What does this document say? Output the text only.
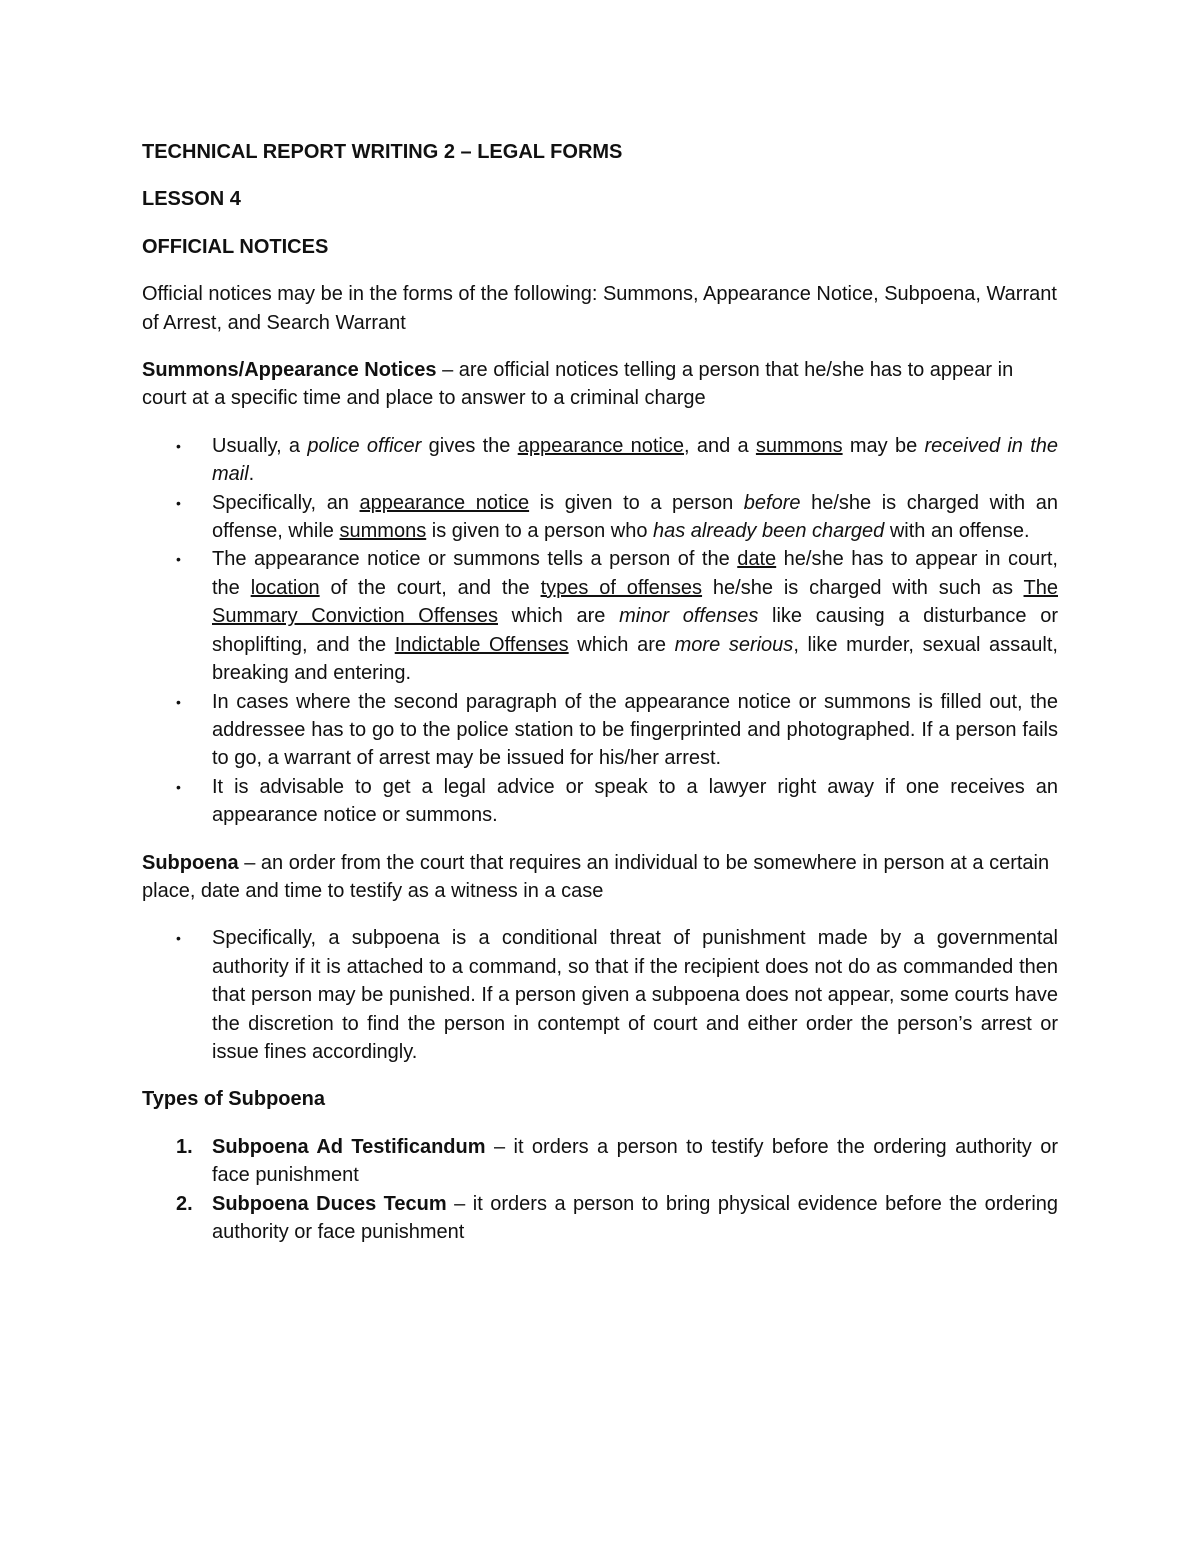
TECHNICAL REPORT WRITING 2 – LEGAL FORMS

LESSON 4

OFFICIAL NOTICES

Official notices may be in the forms of the following: Summons, Appearance Notice, Subpoena, Warrant of Arrest, and Search Warrant

Summons/Appearance Notices – are official notices telling a person that he/she has to appear in court at a specific time and place to answer to a criminal charge

• Usually, a police officer gives the appearance notice, and a summons may be received in the mail.
• Specifically, an appearance notice is given to a person before he/she is charged with an offense, while summons is given to a person who has already been charged with an offense.
• The appearance notice or summons tells a person of the date he/she has to appear in court, the location of the court, and the types of offenses he/she is charged with such as The Summary Conviction Offenses which are minor offenses like causing a disturbance or shoplifting, and the Indictable Offenses which are more serious, like murder, sexual assault, breaking and entering.
• In cases where the second paragraph of the appearance notice or summons is filled out, the addressee has to go to the police station to be fingerprinted and photographed. If a person fails to go, a warrant of arrest may be issued for his/her arrest.
• It is advisable to get a legal advice or speak to a lawyer right away if one receives an appearance notice or summons.

Subpoena – an order from the court that requires an individual to be somewhere in person at a certain place, date and time to testify as a witness in a case

• Specifically, a subpoena is a conditional threat of punishment made by a governmental authority if it is attached to a command, so that if the recipient does not do as commanded then that person may be punished. If a person given a subpoena does not appear, some courts have the discretion to find the person in contempt of court and either order the person’s arrest or issue fines accordingly.

Types of Subpoena

1. Subpoena Ad Testificandum – it orders a person to testify before the ordering authority or face punishment
2. Subpoena Duces Tecum – it orders a person to bring physical evidence before the ordering authority or face punishment
